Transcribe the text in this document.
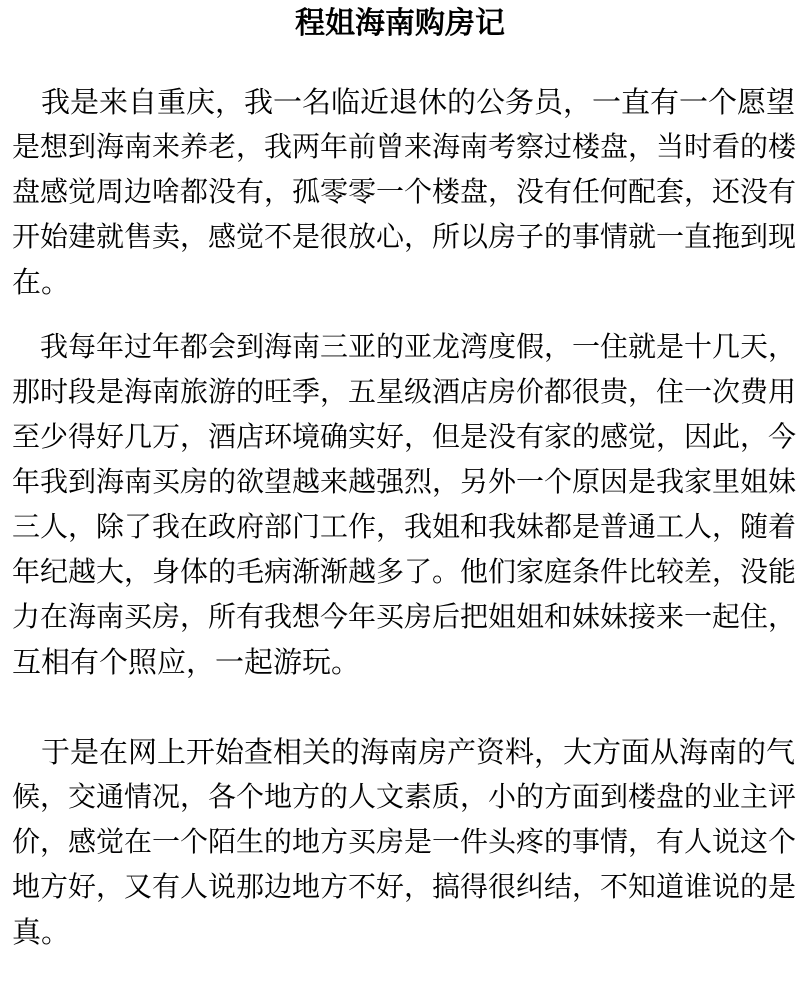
程姐海南购房记
　我是来自重庆，我一名临近退休的公务员，一直有一个愿望
是想到海南来养老，我两年前曾来海南考察过楼盘，当时看的楼
盘感觉周边啥都没有，孤零零一个楼盘，没有任何配套，还没有
开始建就售卖，感觉不是很放心，所以房子的事情就一直拖到现
在。
　我每年过年都会到海南三亚的亚龙湾度假，一住就是十几天，
那时段是海南旅游的旺季，五星级酒店房价都很贵，住一次费用
至少得好几万，酒店环境确实好，但是没有家的感觉，因此，今
年我到海南买房的欲望越来越强烈，另外一个原因是我家里姐妹
三人，除了我在政府部门工作，我姐和我妹都是普通工人，随着
年纪越大，身体的毛病渐渐越多了。他们家庭条件比较差，没能
力在海南买房，所有我想今年买房后把姐姐和妹妹接来一起住，
互相有个照应，一起游玩。
　于是在网上开始查相关的海南房产资料，大方面从海南的气
候，交通情况，各个地方的人文素质，小的方面到楼盘的业主评
价，感觉在一个陌生的地方买房是一件头疼的事情，有人说这个
地方好，又有人说那边地方不好，搞得很纠结，不知道谁说的是
真。
